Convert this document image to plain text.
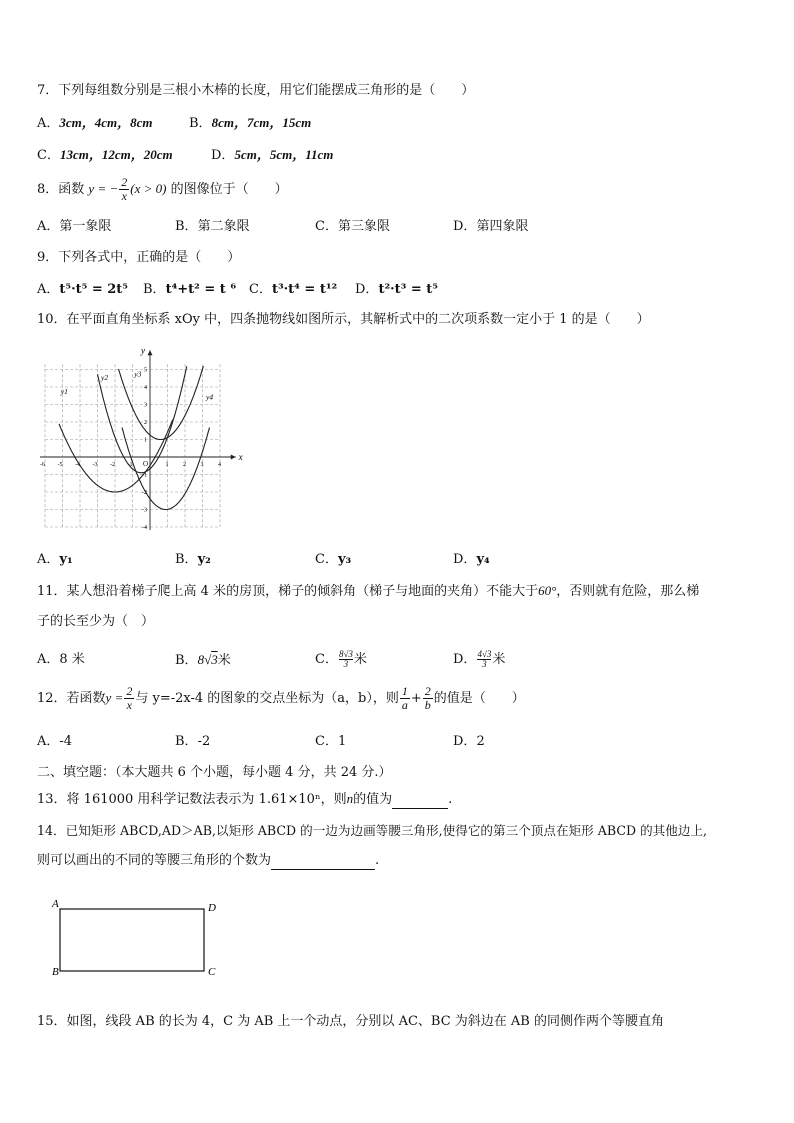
7．下列每组数分别是三根小木棒的长度，用它们能摆成三角形的是（　　）
A．3cm，4cm，8cm	B．8cm，7cm，15cm
C．13cm，12cm，20cm	D．5cm，5cm，11cm
8．函数 y = − $\frac{2}{x} (x > 0)$ 的图像位于（　　）
A．第一象限	B．第二象限	C．第三象限	D．第四象限
9．下列各式中，正确的是（　　）
A．t⁵·t⁵ = 2t⁵ B．t⁴+t² = t ⁶ C．t³·t⁴ = t¹² D．t²·t³ = t⁵
10．在平面直角坐标系 xOy 中，四条抛物线如图所示，其解析式中的二次项系数一定小于 1 的是（　　）
x
y
O
-6 -5 -4 -3 -2 -1	1 2 3 4
5
4
3
2
1
-1
-2
-3
-4
y1
y2	y3
y4
A．y₁	B．y₂	C．y₃	D．y₄
11．某人想沿着梯子爬上高 4 米的房顶，梯子的倾斜角（梯子与地面的夹角）不能大于60°，否则就有危险，那么梯
子的长至少为（　）
A．8 米	B．8√3米	C． $\frac{8√3}{3}$ 米	D． $\frac{4√3}{3}$ 米
12．若函数$y = \frac{2}{x}$ 与 y=-2x-4 的图象的交点坐标为（a，b），则 $\frac{1}{a} + \frac{2}{b}$ 的值是（　　）
A．-4	B．-2	C．1	D．2
二、填空题：（本大题共 6 个小题，每小题 4 分，共 24 分.）
13．将 161000 用科学记数法表示为 1.61×10ⁿ，则n的值为	.
14．已知矩形 ABCD,AD＞AB,以矩形 ABCD 的一边为边画等腰三角形,使得它的第三个顶点在矩形 ABCD 的其他边上,
则可以画出的不同的等腰三角形的个数为	.
A	D
B	C
15．如图，线段 AB 的长为 4，C 为 AB 上一个动点，分别以 AC、BC 为斜边在 AB 的同侧作两个等腰直角
